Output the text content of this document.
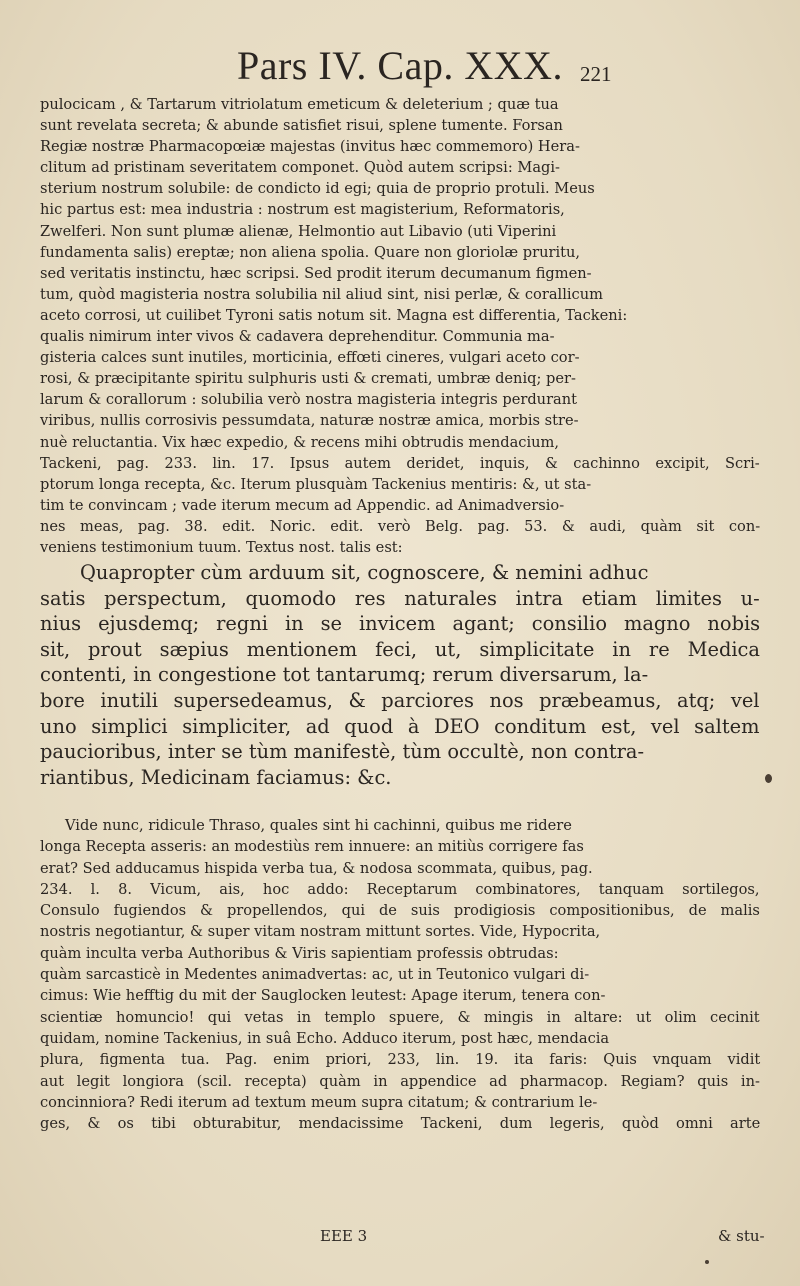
Pars IV. Cap. XXX. 221
pulocicam , & Tartarum vitriolatum emeticum & deleterium ; quæ tua
sunt revelata secreta; & abunde satisfiet risui, splene tumente. Forsan
Regiæ nostræ Pharmacopœiæ majestas (invitus hæc commemoro) Hera-
clitum ad pristinam severitatem componet. Quòd autem scripsi: Magi-
sterium nostrum solubile: de condicto id egi; quia de proprio protuli. Meus
hic partus est: mea industria : nostrum est magisterium, Reformatoris,
Zwelferi. Non sunt plumæ alienæ, Helmontio aut Libavio (uti Viperini
fundamenta salis) ereptæ; non aliena spolia. Quare non gloriolæ pruritu,
sed veritatis instinctu, hæc scripsi. Sed prodit iterum decumanum figmen-
tum, quòd magisteria nostra solubilia nil aliud sint, nisi perlæ, & corallicum
aceto corrosi, ut cuilibet Tyroni satis notum sit. Magna est differentia, Tackeni:
qualis nimirum inter vivos & cadavera deprehenditur. Communia ma-
gisteria calces sunt inutiles, morticinia, effœti cineres, vulgari aceto cor-
rosi, & præcipitante spiritu sulphuris usti & cremati, umbræ deniq; per-
larum & corallorum : solubilia verò nostra magisteria integris perdurant
viribus, nullis corrosivis pessumdata, naturæ nostræ amica, morbis stre-
nuè reluctantia. Vix hæc expedio, & recens mihi obtrudis mendacium,
Tackeni, pag. 233. lin. 17. Ipsus autem deridet, inquis, & cachinno excipit, Scri-
ptorum longa recepta, &c. Iterum plusquàm Tackenius mentiris: &, ut sta-
tim te convincam ; vade iterum mecum ad Appendic. ad Animadversio-
nes meas, pag. 38. edit. Noric. edit. verò Belg. pag. 53. & audi, quàm sit con-
veniens testimonium tuum. Textus nost. talis est:
Quapropter cùm arduum sit, cognoscere, & nemini adhuc
satis perspectum, quomodo res naturales intra etiam limites u-
nius ejusdemq; regni in se invicem agant; consilio magno nobis
sit, prout sæpius mentionem feci, ut, simplicitate in re Medica
contenti, in congestione tot tantarumq; rerum diversarum, la-
bore inutili supersedeamus, & parciores nos præbeamus, atq; vel
uno simplici simpliciter, ad quod à DEO conditum est, vel saltem
paucioribus, inter se tùm manifestè, tùm occultè, non contra-
riantibus, Medicinam faciamus: &c.
Vide nunc, ridicule Thraso, quales sint hi cachinni, quibus me ridere
longa Recepta asseris: an modestiùs rem innuere: an mitiùs corrigere fas
erat? Sed adducamus hispida verba tua, & nodosa scommata, quibus, pag.
234. l. 8. Vicum, ais, hoc addo: Receptarum combinatores, tanquam sortilegos,
Consulo fugiendos & propellendos, qui de suis prodigiosis compositionibus, de malis
nostris negotiantur, & super vitam nostram mittunt sortes. Vide, Hypocrita,
quàm inculta verba Authoribus & Viris sapientiam professis obtrudas:
quàm sarcasticè in Medentes animadvertas: ac, ut in Teutonico vulgari di-
cimus: Wie hefftig du mit der Sauglocken leutest: Apage iterum, tenera con-
scientiæ homuncio! qui vetas in templo spuere, & mingis in altare: ut olim cecinit
quidam, nomine Tackenius, in suâ Echo. Adduco iterum, post hæc, mendacia
plura, figmenta tua. Pag. enim priori, 233, lin. 19. ita faris: Quis vnquam vidit
aut legit longiora (scil. recepta) quàm in appendice ad pharmacop. Regiam? quis in-
concinniora? Redi iterum ad textum meum supra citatum; & contrarium le-
ges, & os tibi obturabitur, mendacissime Tackeni, dum legeris, quòd omni arte
EEE 3	& stu-
